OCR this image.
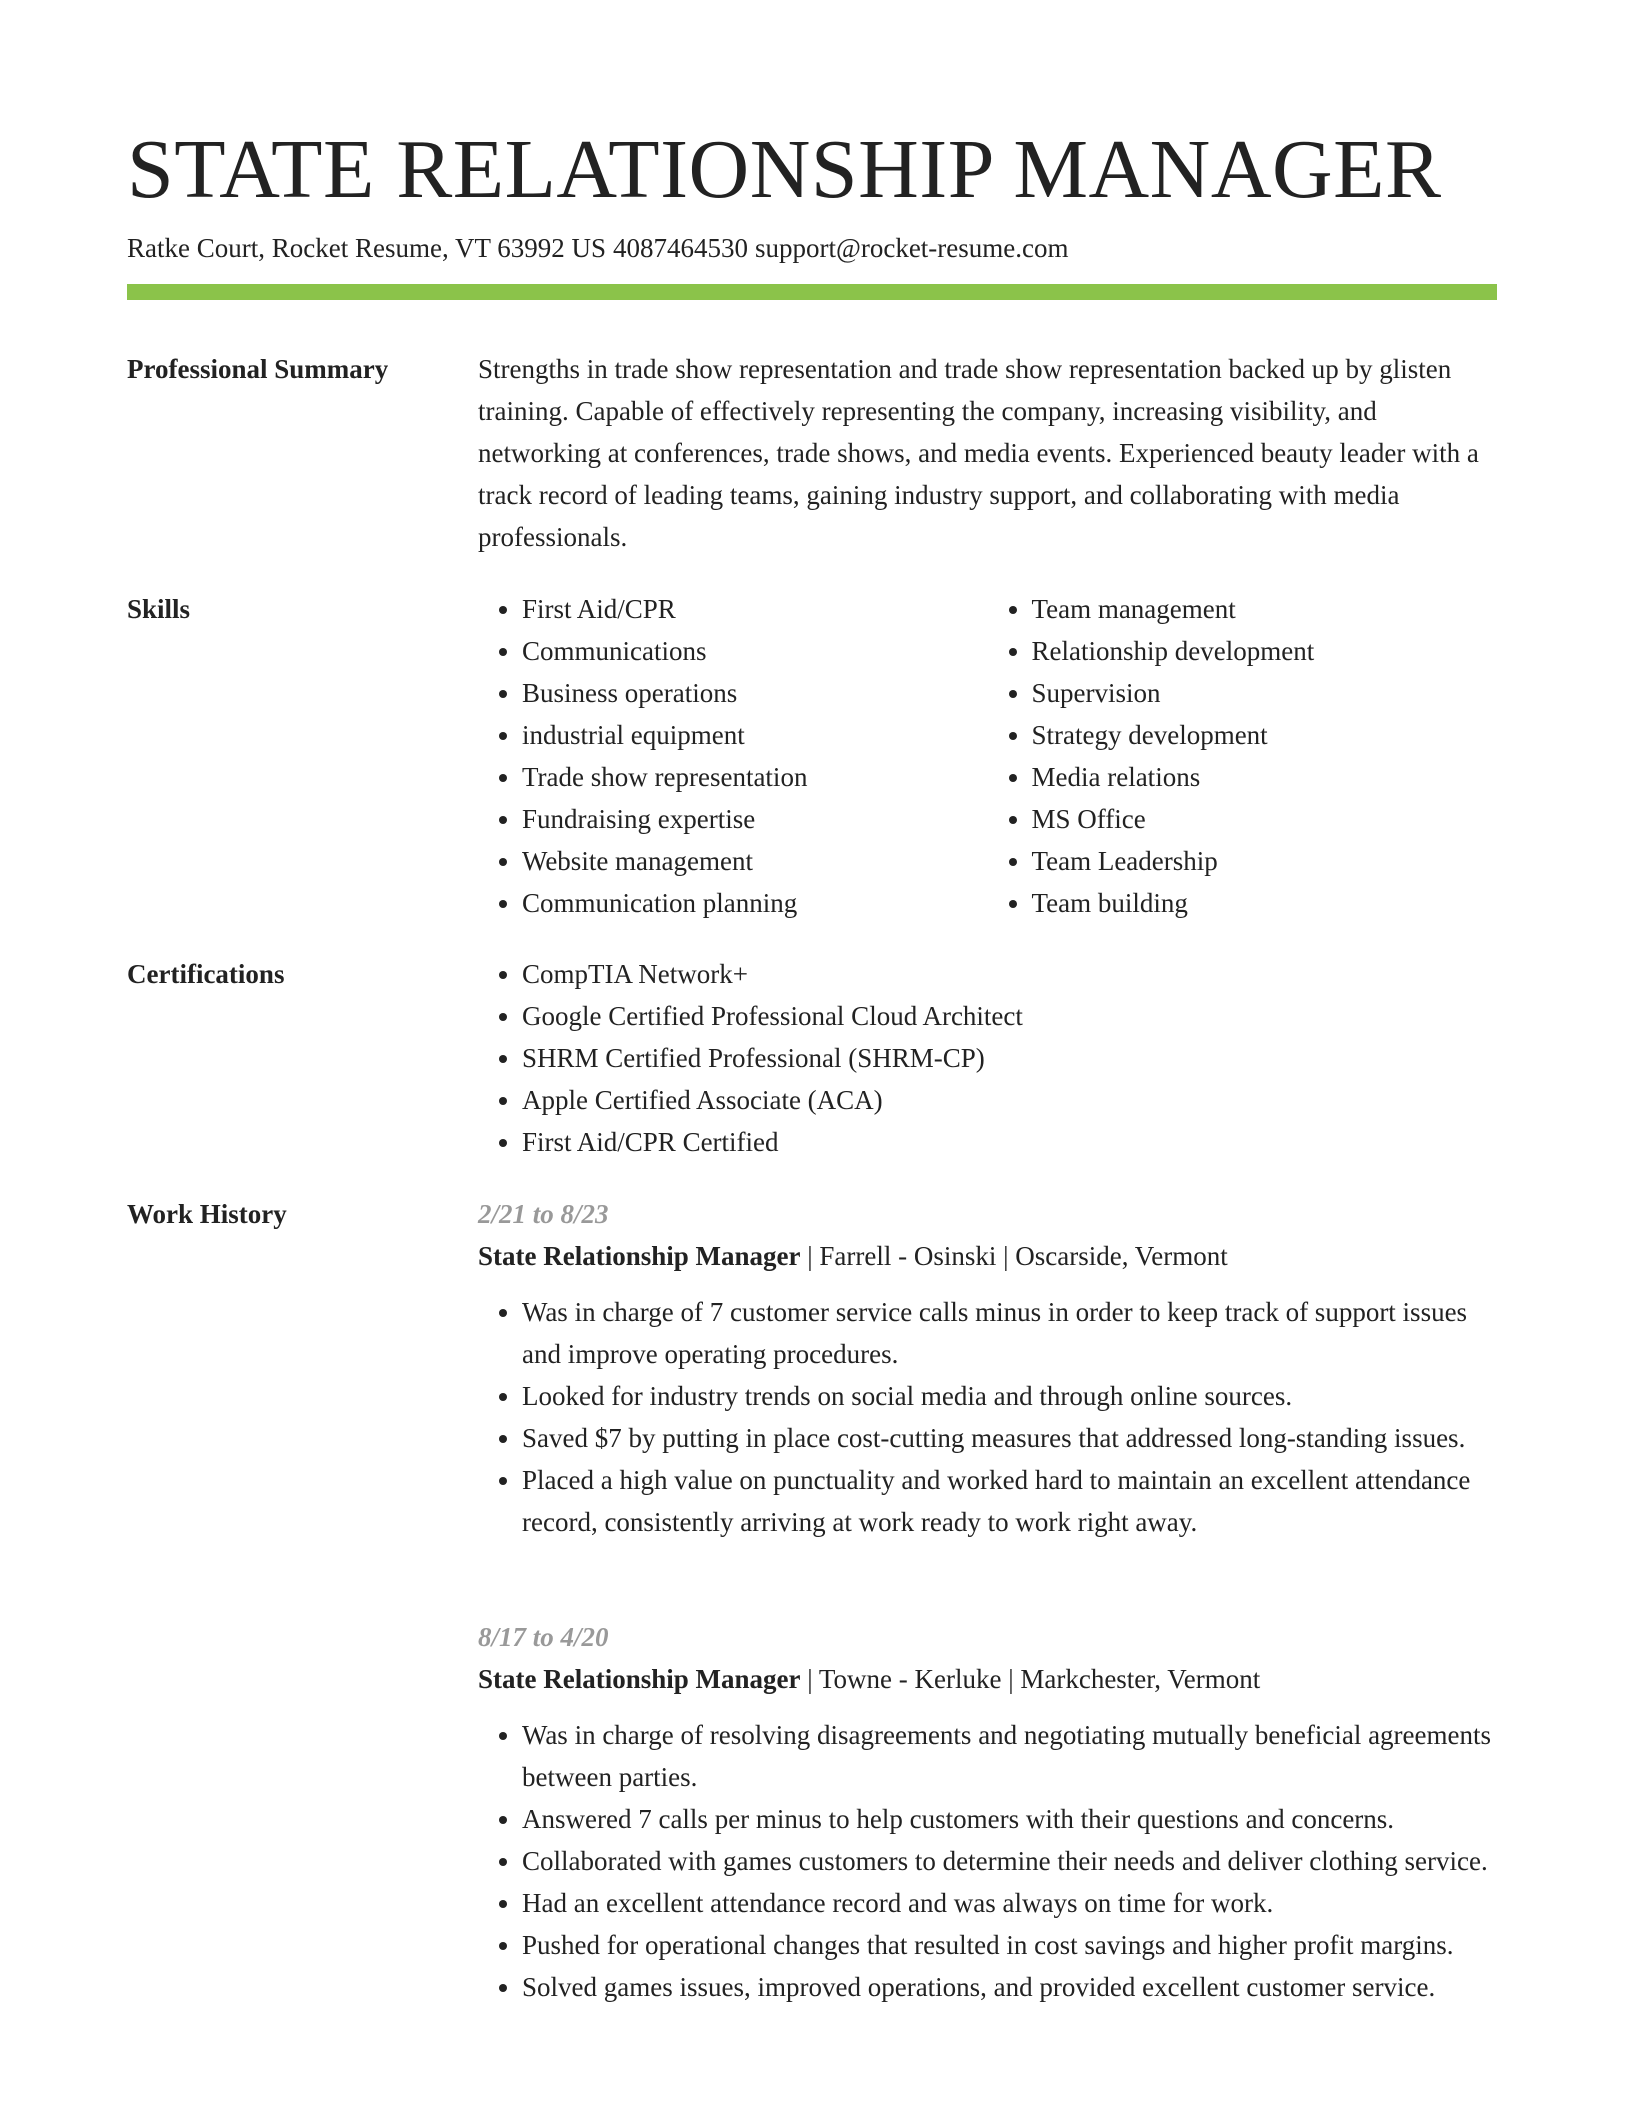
STATE RELATIONSHIP MANAGER
Ratke Court, Rocket Resume, VT 63992 US 4087464530 support@rocket-resume.com
Professional Summary	Strengths in trade show representation and trade show representation backed up by glisten training. Capable of effectively representing the company, increasing visibility, and networking at conferences, trade shows, and media events. Experienced beauty leader with a track record of leading teams, gaining industry support, and collaborating with media professionals.

Skills	• First Aid/CPR
• Communications
• Business operations
• industrial equipment
• Trade show representation
• Fundraising expertise
• Website management
• Communication planning
• Team management
• Relationship development
• Supervision
• Strategy development
• Media relations
• MS Office
• Team Leadership
• Team building
Certifications	• CompTIA Network+
• Google Certified Professional Cloud Architect
• SHRM Certified Professional (SHRM-CP)
• Apple Certified Associate (ACA)
• First Aid/CPR Certified
Work History	2/21 to 8/23
State Relationship Manager | Farrell - Osinski | Oscarside, Vermont
• Was in charge of 7 customer service calls minus in order to keep track of support issues and improve operating procedures.
• Looked for industry trends on social media and through online sources.
• Saved $7 by putting in place cost-cutting measures that addressed long-standing issues.
• Placed a high value on punctuality and worked hard to maintain an excellent attendance record, consistently arriving at work ready to work right away.
8/17 to 4/20
State Relationship Manager | Towne - Kerluke | Markchester, Vermont
• Was in charge of resolving disagreements and negotiating mutually beneficial agreements between parties.
• Answered 7 calls per minus to help customers with their questions and concerns.
• Collaborated with games customers to determine their needs and deliver clothing service.
• Had an excellent attendance record and was always on time for work.
• Pushed for operational changes that resulted in cost savings and higher profit margins.
• Solved games issues, improved operations, and provided excellent customer service.
